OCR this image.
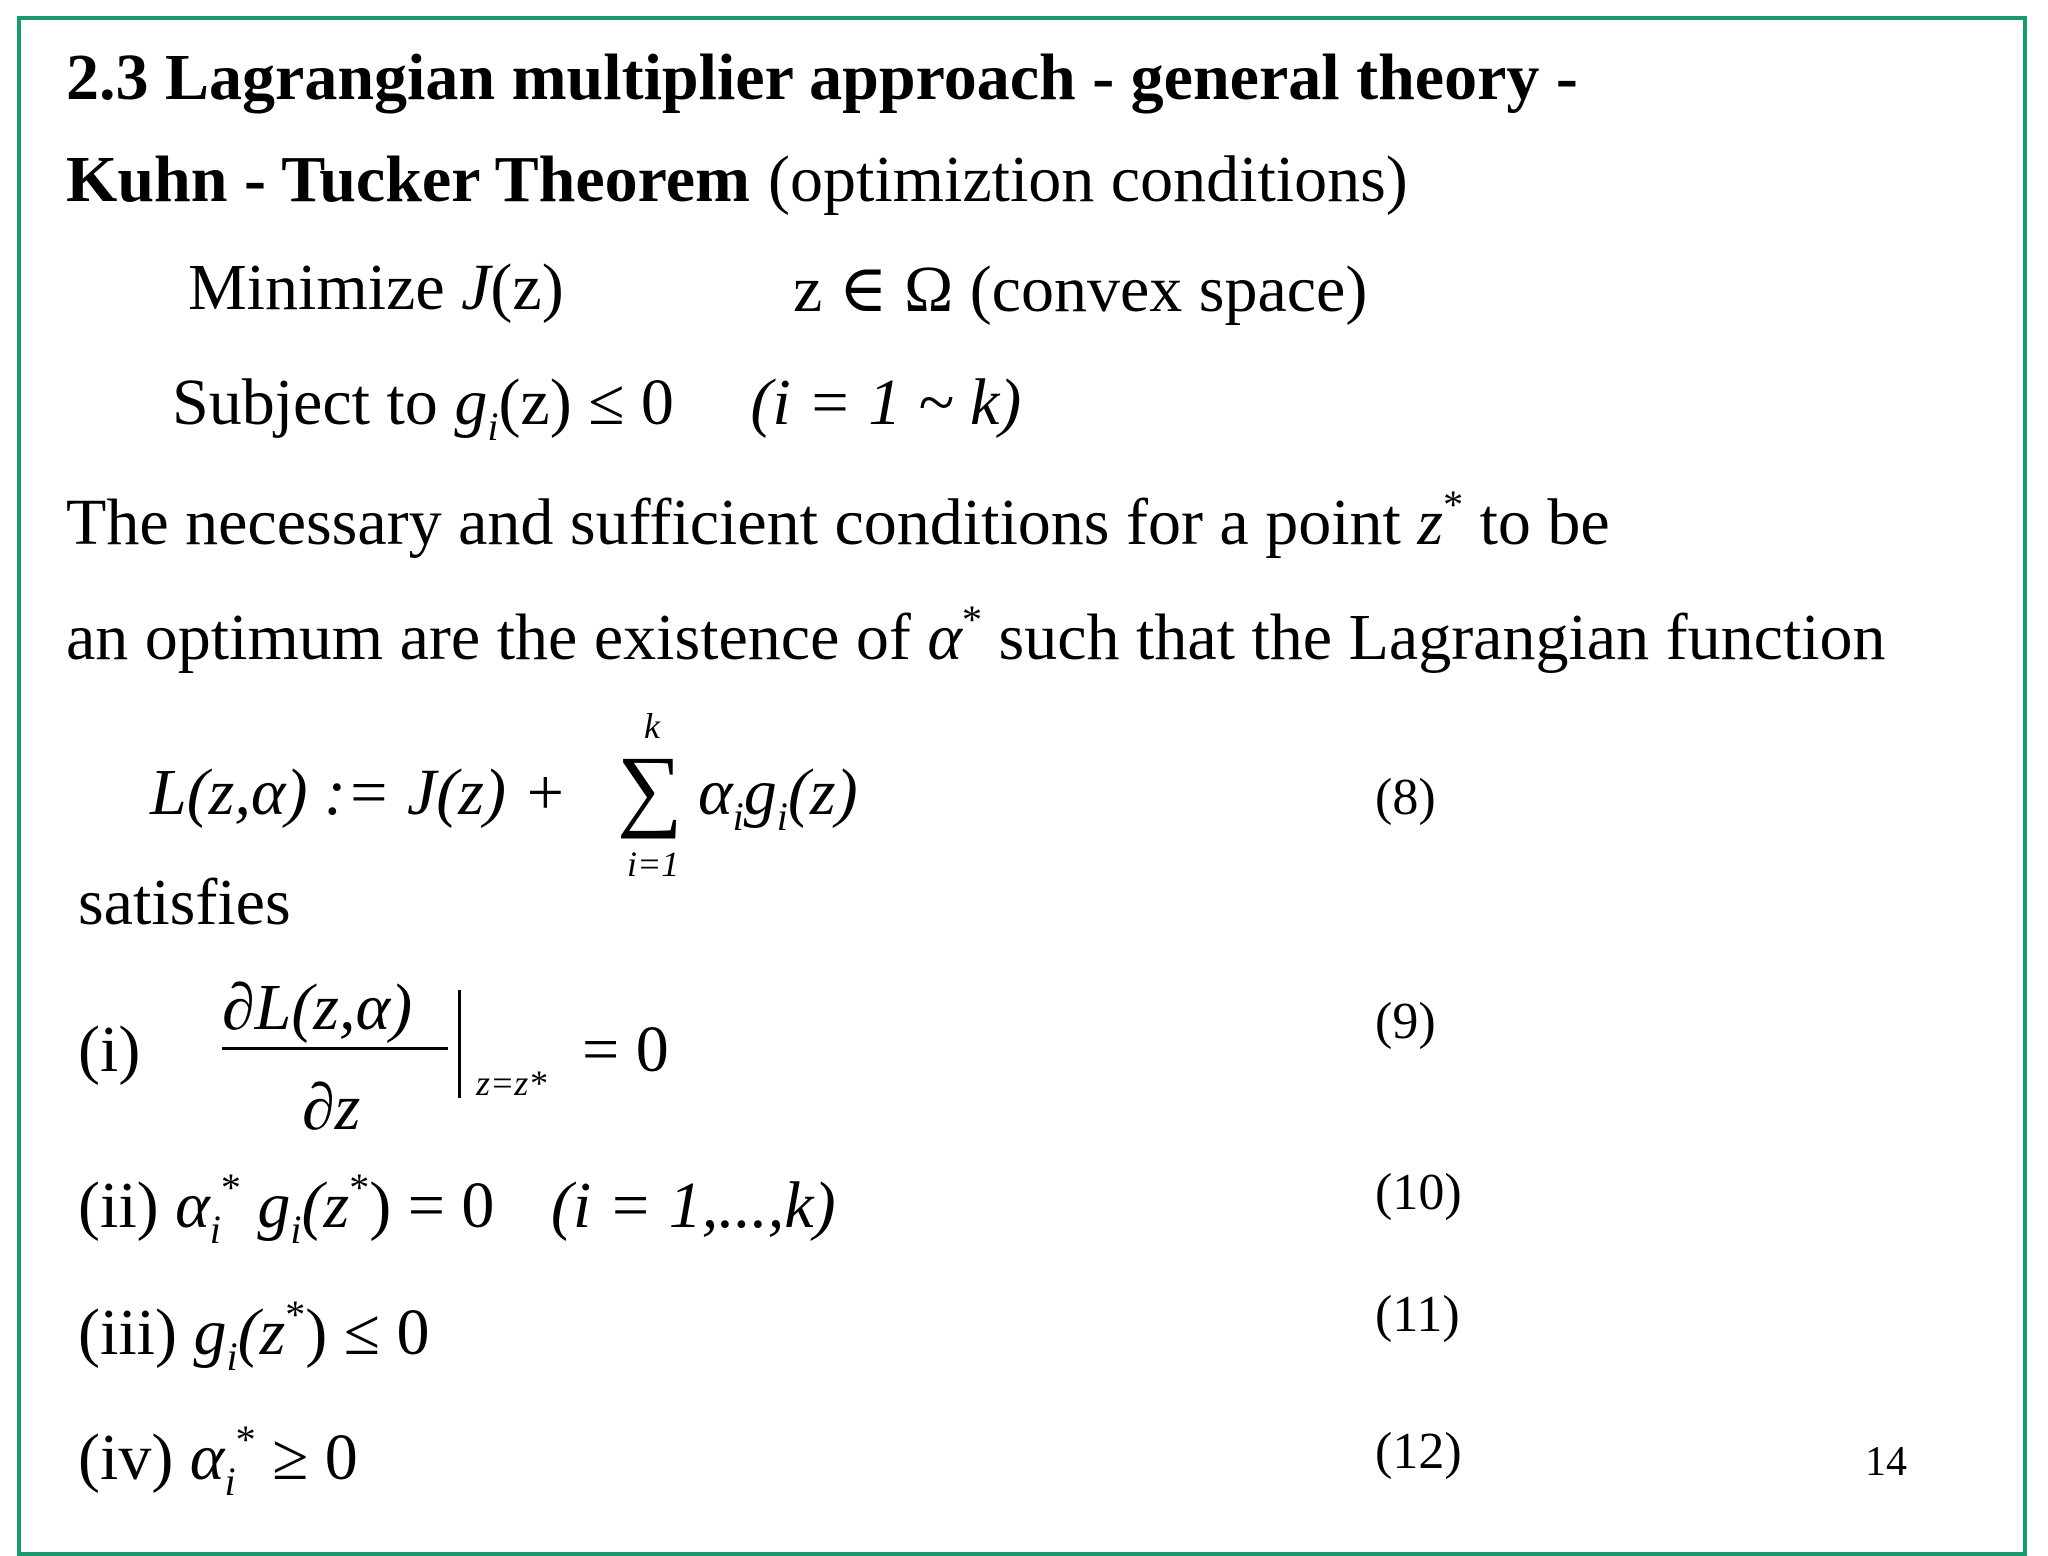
2.3 Lagrangian multiplier approach - general theory -
Kuhn - Tucker Theorem (optimiztion conditions)
Minimize J(z)	z ∈ Ω (convex space)
Subject to $g_i(z) \le 0$ (i = 1 ~ k)
The necessary and sufficient conditions for a point z* to be
an optimum are the existence of α* such that the Lagrangian function
L(z,α) := J(z) +
k
∑
i=1
$\alpha_ig_i(z)$	(8)
satisfies
(i)
∂L(z,α)
∂z	z=z* = 0	(9)
(ii) $\alpha_i^*$ $g_i(z^*) = 0$ (i = 1,...,k)	(10)
(iii) $g_i(z^*) \le 0$	(11)
(iv) $\alpha_i^* \ge 0$	(12)	14
